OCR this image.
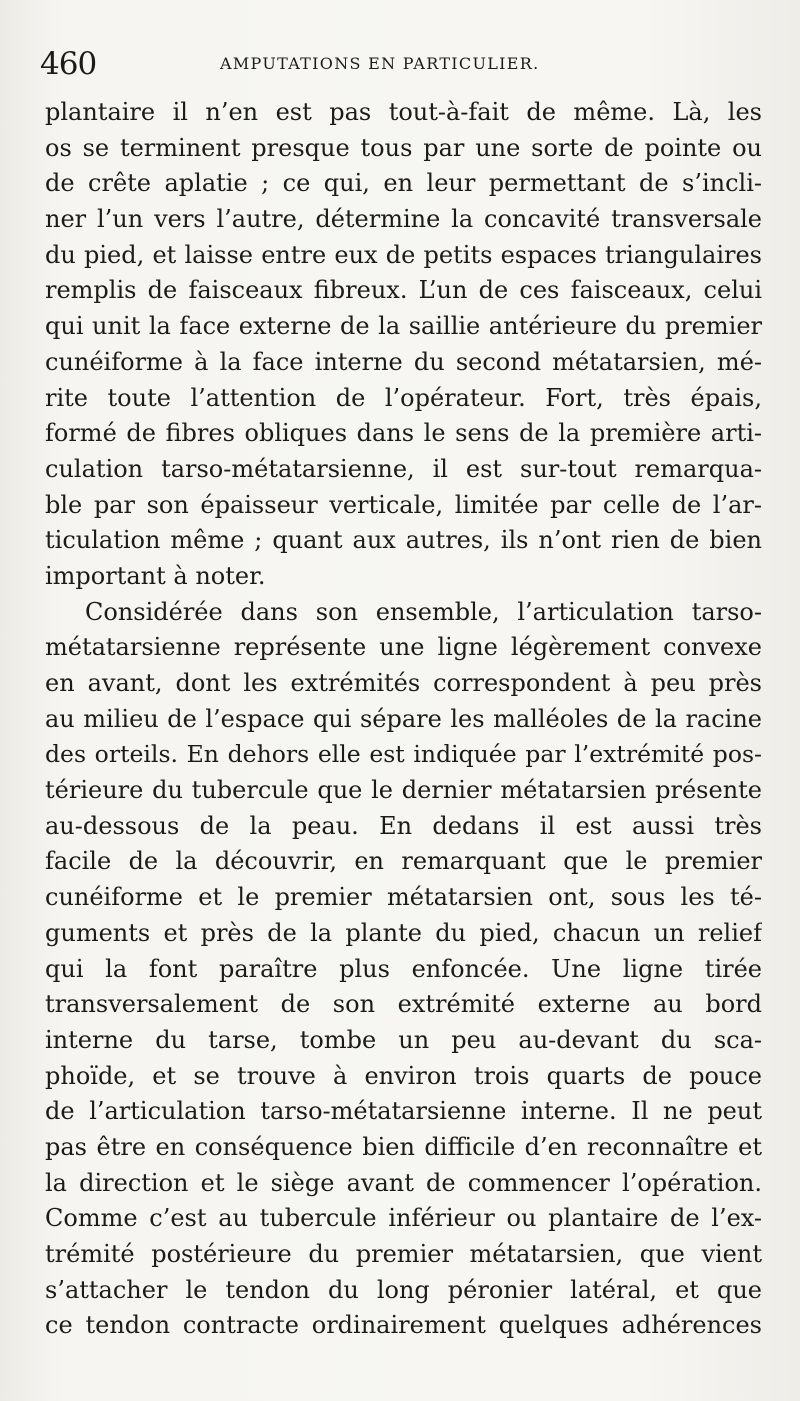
460	AMPUTATIONS EN PARTICULIER.
plantaire il n’en est pas tout-à-fait de même. Là, les
os se terminent presque tous par une sorte de pointe ou
de crête aplatie ; ce qui, en leur permettant de s’incli-
ner l’un vers l’autre, détermine la concavité transversale
du pied, et laisse entre eux de petits espaces triangulaires
remplis de faisceaux fibreux. L’un de ces faisceaux, celui
qui unit la face externe de la saillie antérieure du premier
cunéiforme à la face interne du second métatarsien, mé-
rite toute l’attention de l’opérateur. Fort, très épais,
formé de fibres obliques dans le sens de la première arti-
culation tarso-métatarsienne, il est sur-tout remarqua-
ble par son épaisseur verticale, limitée par celle de l’ar-
ticulation même ; quant aux autres, ils n’ont rien de bien
important à noter.
Considérée dans son ensemble, l’articulation tarso-
métatarsienne représente une ligne légèrement convexe
en avant, dont les extrémités correspondent à peu près
au milieu de l’espace qui sépare les malléoles de la racine
des orteils. En dehors elle est indiquée par l’extrémité pos-
térieure du tubercule que le dernier métatarsien présente
au-dessous de la peau. En dedans il est aussi très
facile de la découvrir, en remarquant que le premier
cunéiforme et le premier métatarsien ont, sous les té-
guments et près de la plante du pied, chacun un relief
qui la font paraître plus enfoncée. Une ligne tirée
transversalement de son extrémité externe au bord
interne du tarse, tombe un peu au-devant du sca-
phoïde, et se trouve à environ trois quarts de pouce
de l’articulation tarso-métatarsienne interne. Il ne peut
pas être en conséquence bien difficile d’en reconnaître et
la direction et le siège avant de commencer l’opération.
Comme c’est au tubercule inférieur ou plantaire de l’ex-
trémité postérieure du premier métatarsien, que vient
s’attacher le tendon du long péronier latéral, et que
ce tendon contracte ordinairement quelques adhérences
